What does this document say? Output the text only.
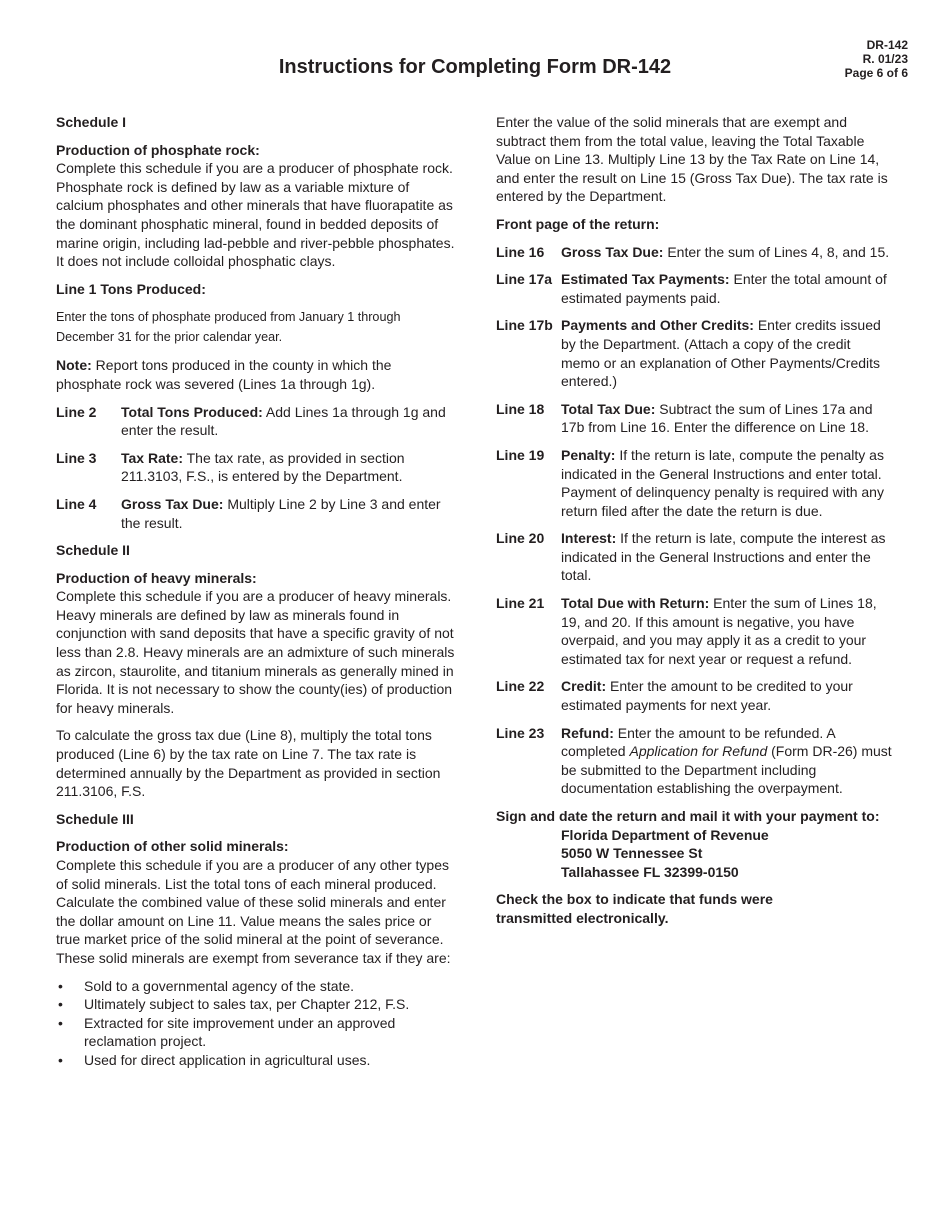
DR-142
R. 01/23
Page 6 of 6
Instructions for Completing Form DR-142

Schedule I

Production of phosphate rock:
Complete this schedule if you are a producer of phosphate rock. Phosphate rock is defined by law as a variable mixture of calcium phosphates and other minerals that have fluorapatite as the dominant phosphatic mineral, found in bedded deposits of marine origin, including lad-pebble and river-pebble phosphates. It does not include colloidal phosphatic clays.

Line 1 Tons Produced:

Enter the tons of phosphate produced from January 1 through December 31 for the prior calendar year.

Note: Report tons produced in the county in which the phosphate rock was severed (Lines 1a through 1g).

Line 2	Total Tons Produced: Add Lines 1a through 1g and enter the result.
Line 3	Tax Rate: The tax rate, as provided in section 211.3103, F.S., is entered by the Department.
Line 4	Gross Tax Due: Multiply Line 2 by Line 3 and enter the result.

Schedule II

Production of heavy minerals:
Complete this schedule if you are a producer of heavy minerals. Heavy minerals are defined by law as minerals found in conjunction with sand deposits that have a specific gravity of not less than 2.8. Heavy minerals are an admixture of such minerals as zircon, staurolite, and titanium minerals as generally mined in Florida. It is not necessary to show the county(ies) of production for heavy minerals.

To calculate the gross tax due (Line 8), multiply the total tons produced (Line 6) by the tax rate on Line 7. The tax rate is determined annually by the Department as provided in section 211.3106, F.S.

Schedule III

Production of other solid minerals:
Complete this schedule if you are a producer of any other types of solid minerals. List the total tons of each mineral produced. Calculate the combined value of these solid minerals and enter the dollar amount on Line 11. Value means the sales price or true market price of the solid mineral at the point of severance. These solid minerals are exempt from severance tax if they are:

• Sold to a governmental agency of the state.
• Ultimately subject to sales tax, per Chapter 212, F.S.
• Extracted for site improvement under an approved reclamation project.
• Used for direct application in agricultural uses.

Enter the value of the solid minerals that are exempt and subtract them from the total value, leaving the Total Taxable Value on Line 13. Multiply Line 13 by the Tax Rate on Line 14, and enter the result on Line 15 (Gross Tax Due). The tax rate is entered by the Department.

Front page of the return:

Line 16	Gross Tax Due: Enter the sum of Lines 4, 8, and 15.
Line 17a Estimated Tax Payments: Enter the total amount of estimated payments paid.
Line 17b Payments and Other Credits: Enter credits issued by the Department. (Attach a copy of the credit memo or an explanation of Other Payments/Credits entered.)
Line 18	Total Tax Due: Subtract the sum of Lines 17a and 17b from Line 16. Enter the difference on Line 18.
Line 19	Penalty: If the return is late, compute the penalty as indicated in the General Instructions and enter total. Payment of delinquency penalty is required with any return filed after the date the return is due.
Line 20	Interest: If the return is late, compute the interest as indicated in the General Instructions and enter the total.
Line 21	Total Due with Return: Enter the sum of Lines 18, 19, and 20. If this amount is negative, you have overpaid, and you may apply it as a credit to your estimated tax for next year or request a refund.
Line 22	Credit: Enter the amount to be credited to your estimated payments for next year.
Line 23	Refund: Enter the amount to be refunded. A completed Application for Refund (Form DR-26) must be submitted to the Department including documentation establishing the overpayment.

Sign and date the return and mail it with your payment to:
Florida Department of Revenue
5050 W Tennessee St
Tallahassee FL 32399-0150

Check the box to indicate that funds were transmitted electronically.
